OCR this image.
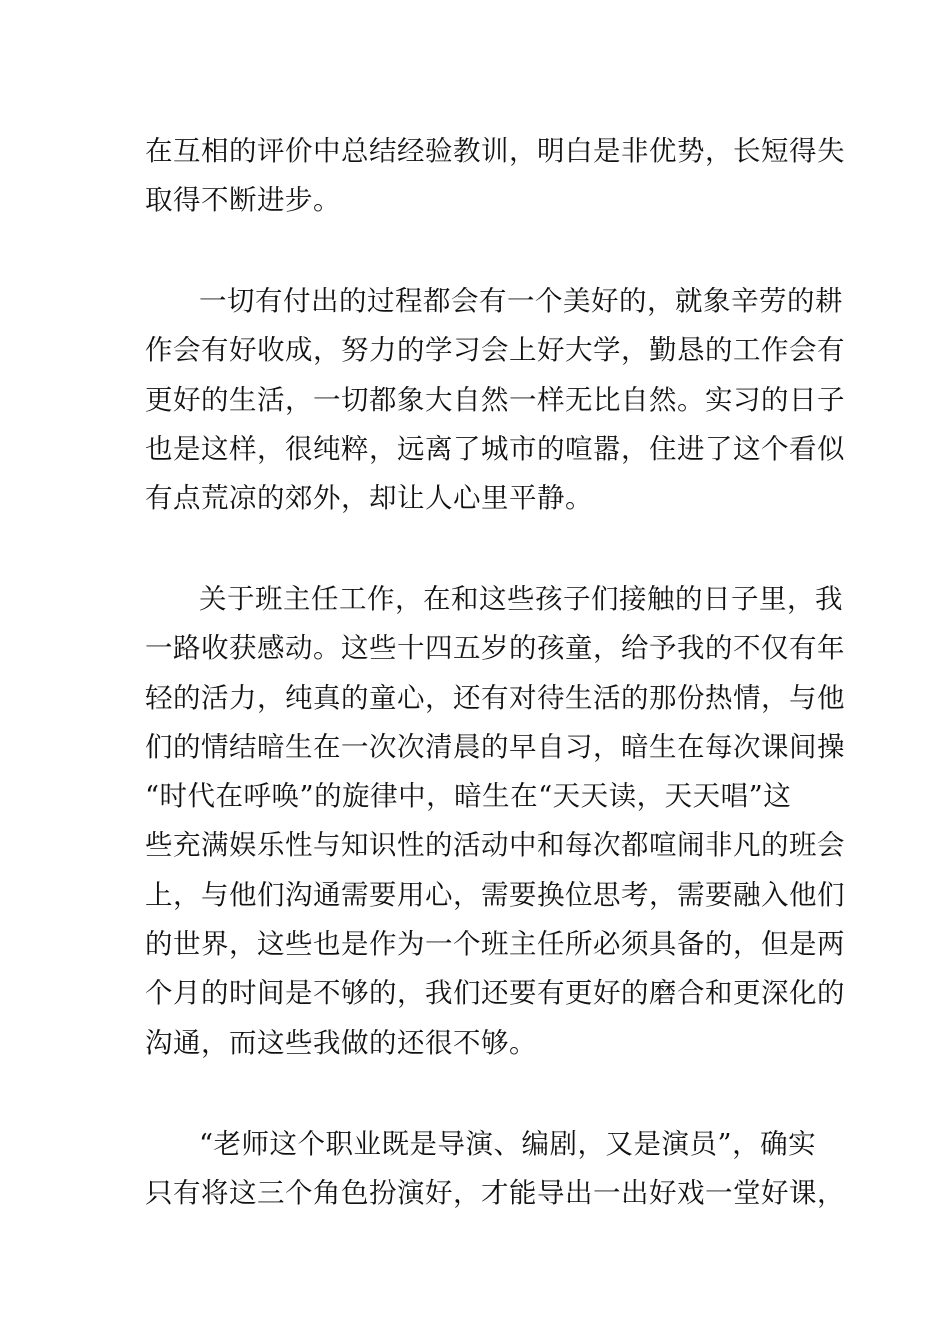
在互相的评价中总结经验教训，明白是非优势，长短得失
取得不断进步。

一切有付出的过程都会有一个美好的，就象辛劳的耕
作会有好收成，努力的学习会上好大学，勤恳的工作会有
更好的生活，一切都象大自然一样无比自然。实习的日子
也是这样，很纯粹，远离了城市的喧嚣，住进了这个看似
有点荒凉的郊外，却让人心里平静。

关于班主任工作，在和这些孩子们接触的日子里，我
一路收获感动。这些十四五岁的孩童，给予我的不仅有年
轻的活力，纯真的童心，还有对待生活的那份热情，与他
们的情结暗生在一次次清晨的早自习，暗生在每次课间操
“时代在呼唤”的旋律中，暗生在“天天读，天天唱”这
些充满娱乐性与知识性的活动中和每次都喧闹非凡的班会
上，与他们沟通需要用心，需要换位思考，需要融入他们
的世界，这些也是作为一个班主任所必须具备的，但是两
个月的时间是不够的，我们还要有更好的磨合和更深化的
沟通，而这些我做的还很不够。

“老师这个职业既是导演、编剧，又是演员”，确实
只有将这三个角色扮演好，才能导出一出好戏一堂好课，
